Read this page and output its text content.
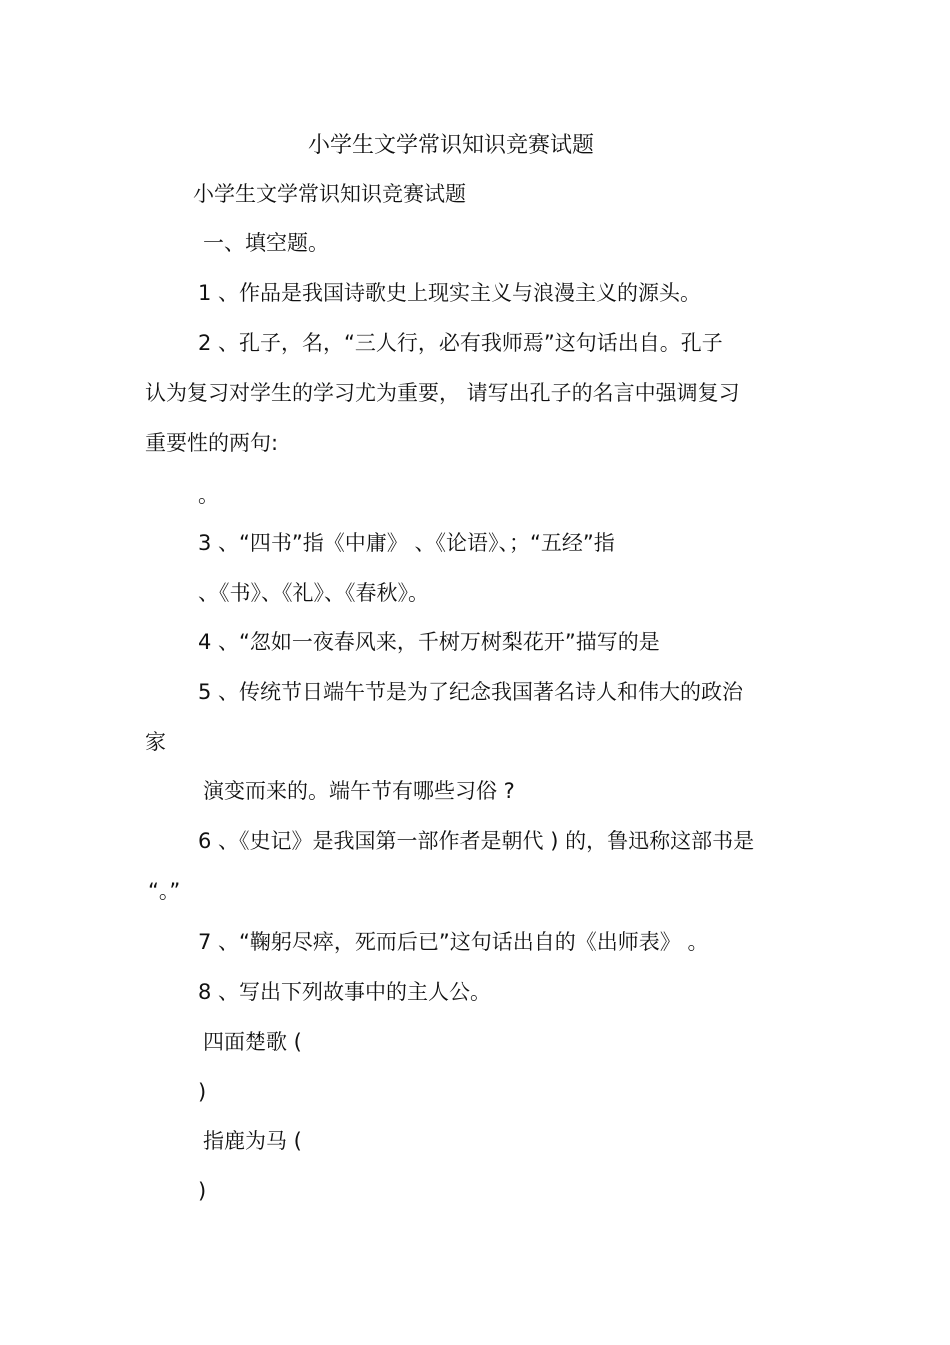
小学生文学常识知识竞赛试题
小学生文学常识知识竞赛试题
一、填空题。
1 、作品是我国诗歌史上现实主义与浪漫主义的源头。
2 、孔子，名，“三人行，必有我师焉”这句话出自。孔子
认为复习对学生的学习尤为重要， 请写出孔子的名言中强调复习
重要性的两句:
。
3 、“四书”指《中庸》 、《论语》、；“五经”指
、《书》、《礼》、《春秋》。
4 、“忽如一夜春风来，千树万树梨花开”描写的是
5 、传统节日端午节是为了纪念我国著名诗人和伟大的政治
家
演变而来的。端午节有哪些习俗 ?
6 、《史记》是我国第一部作者是朝代 ) 的，鲁迅称这部书是
“。”
7 、“鞠躬尽瘁，死而后已”这句话出自的《出师表》 。
8 、写出下列故事中的主人公。
四面楚歌 (
)
指鹿为马 (
)
